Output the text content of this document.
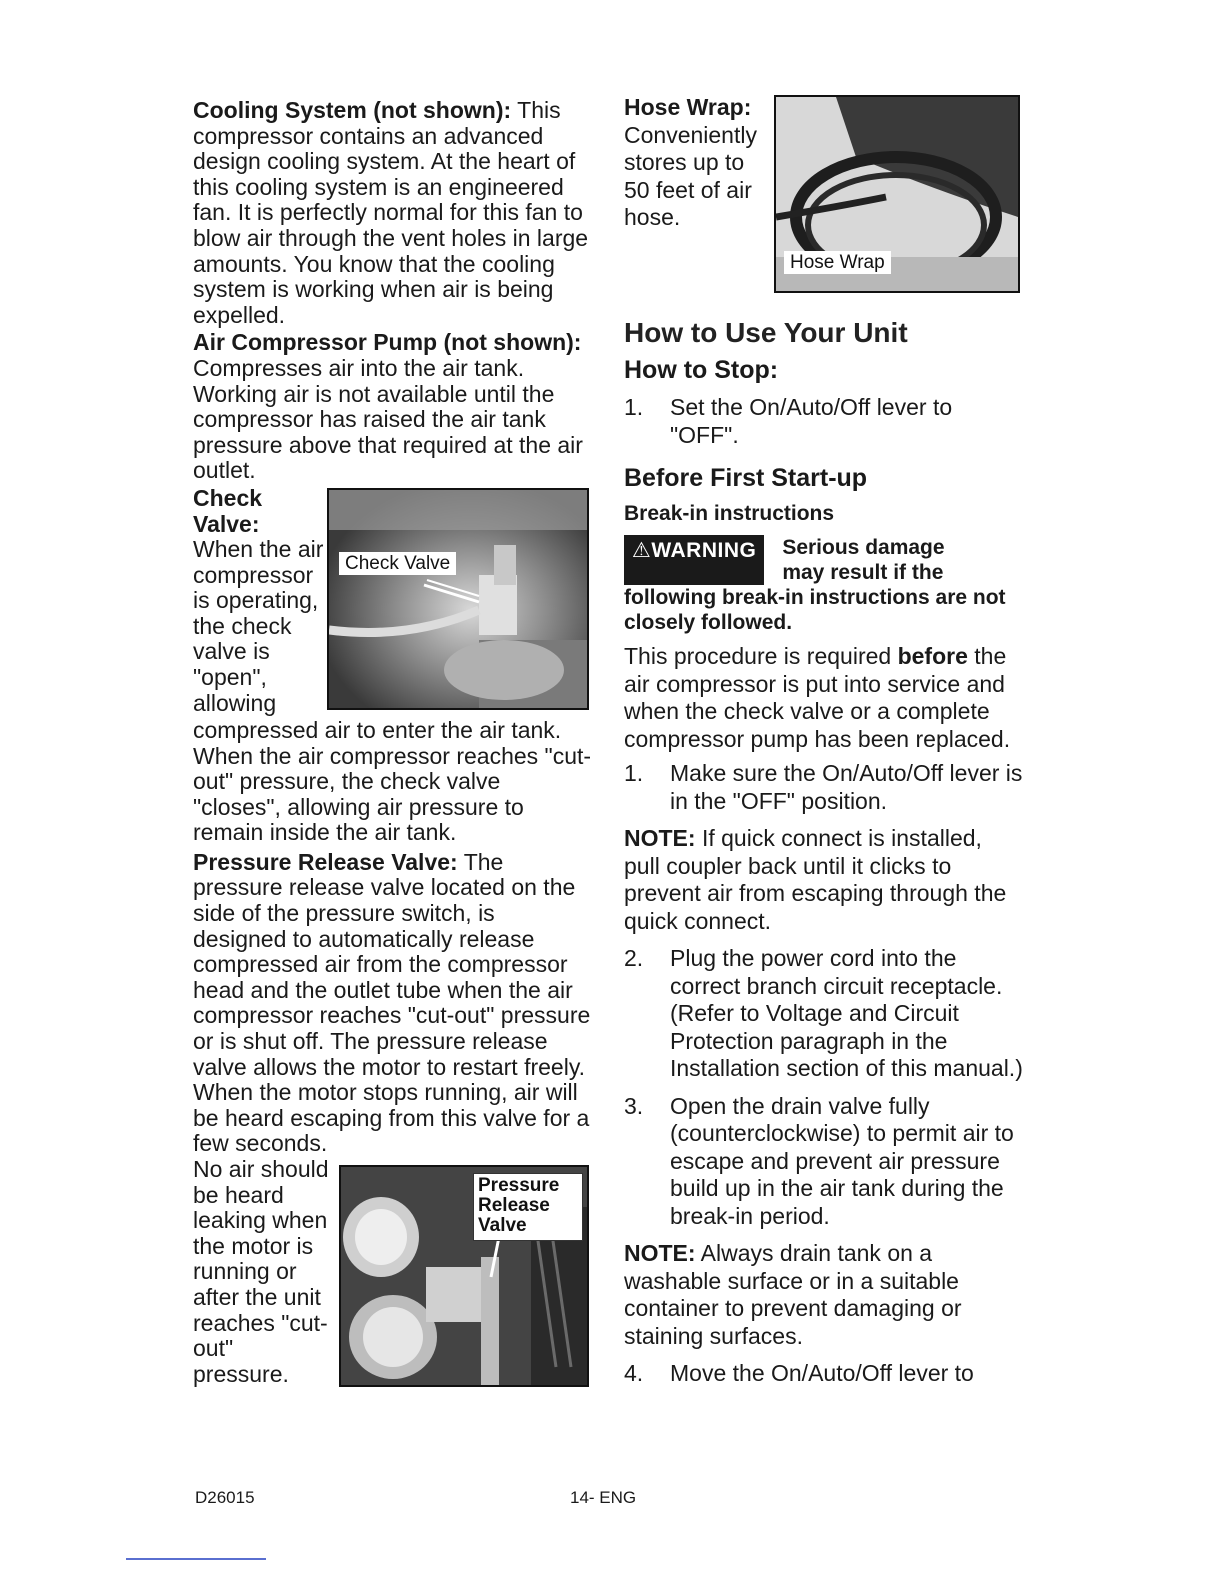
Cooling System (not shown): This compressor contains an advanced design cooling system. At the heart of this cooling system is an engineered fan. It is perfectly normal for this fan to blow air through the vent holes in large amounts. You know that the cooling system is working when air is being expelled.

Air Compressor Pump (not shown):
Compresses air into the air tank. Working air is not available until the compressor has raised the air tank pressure above that required at the air outlet.

Check
Valve:
When the air
compressor
is operating,
the check
valve is
"open",
allowing
Check Valve

compressed air to enter the air tank. When the air compressor reaches "cut-out" pressure, the check valve "closes", allowing air pressure to remain inside the air tank.

Pressure Release Valve: The pressure release valve located on the side of the pressure switch, is designed to automatically release compressed air from the compressor head and the outlet tube when the air compressor reaches "cut-out" pressure or is shut off. The pressure release valve allows the motor to restart freely. When the motor stops running, air will be heard escaping from this valve for a few seconds.

No air should
be heard
leaking when
the motor is
running or
after the unit
reaches "cut-
out"
pressure.
Pressure
Release
Valve
Hose Wrap:
Conveniently
stores up to
50 feet of air
hose.
Hose Wrap
How to Use Your Unit
How to Stop:
1. Set the On/Auto/Off lever to "OFF".
Before First Start-up
Break-in instructions
⚠WARNING	Serious damage
may result if the
following break-in instructions are not closely followed.

This procedure is required before the air compressor is put into service and when the check valve or a complete compressor pump has been replaced.

1. Make sure the On/Auto/Off lever is in the "OFF" position.

NOTE: If quick connect is installed, pull coupler back until it clicks to prevent air from escaping through the quick connect.

2. Plug the power cord into the correct branch circuit receptacle. (Refer to Voltage and Circuit Protection paragraph in the Installation section of this manual.)
3. Open the drain valve fully (counterclockwise) to permit air to escape and prevent air pressure build up in the air tank during the break-in period.

NOTE: Always drain tank on a washable surface or in a suitable container to prevent damaging or staining surfaces.

4. Move the On/Auto/Off lever to
D26015	14- ENG
